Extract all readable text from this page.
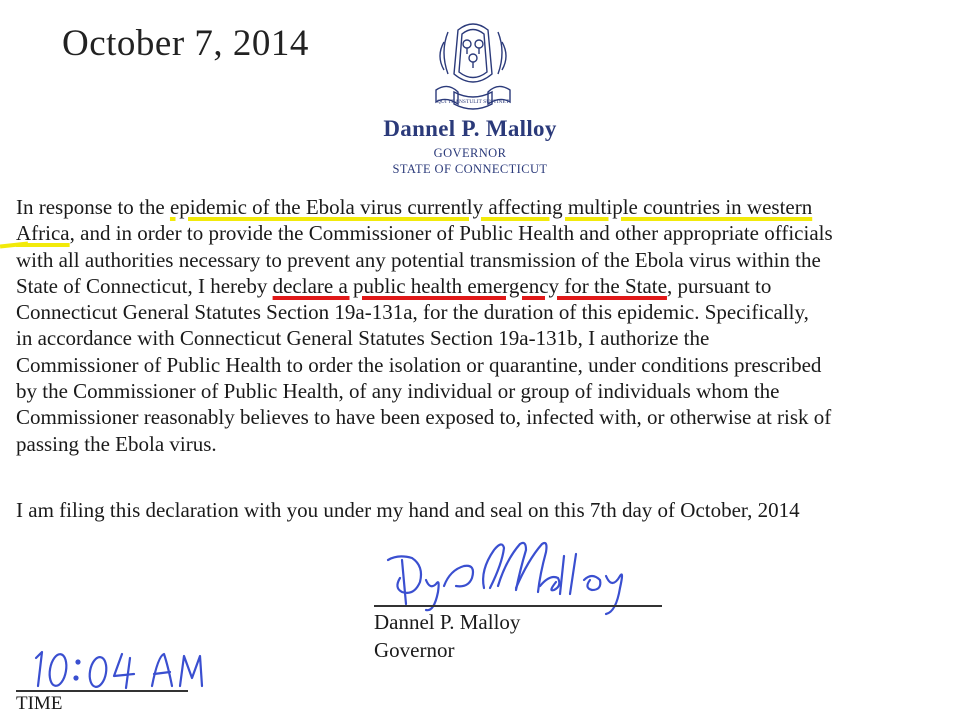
October 7, 2014
QUI TRANSTULIT SUSTINET
Dannel P. Malloy
GOVERNOR
STATE OF CONNECTICUT
In response to the epidemic of the Ebola virus currently affecting multiple countries in western
Africa, and in order to provide the Commissioner of Public Health and other appropriate officials
with all authorities necessary to prevent any potential transmission of the Ebola virus within the
State of Connecticut, I hereby declare a public health emergency for the State, pursuant to
Connecticut General Statutes Section 19a-131a, for the duration of this epidemic. Specifically,
in accordance with Connecticut General Statutes Section 19a-131b, I authorize the
Commissioner of Public Health to order the isolation or quarantine, under conditions prescribed
by the Commissioner of Public Health, of any individual or group of individuals whom the
Commissioner reasonably believes to have been exposed to, infected with, or otherwise at risk of
passing the Ebola virus.
I am filing this declaration with you under my hand and seal on this 7th day of October, 2014
Dannel P. Malloy
Governor
TIME
